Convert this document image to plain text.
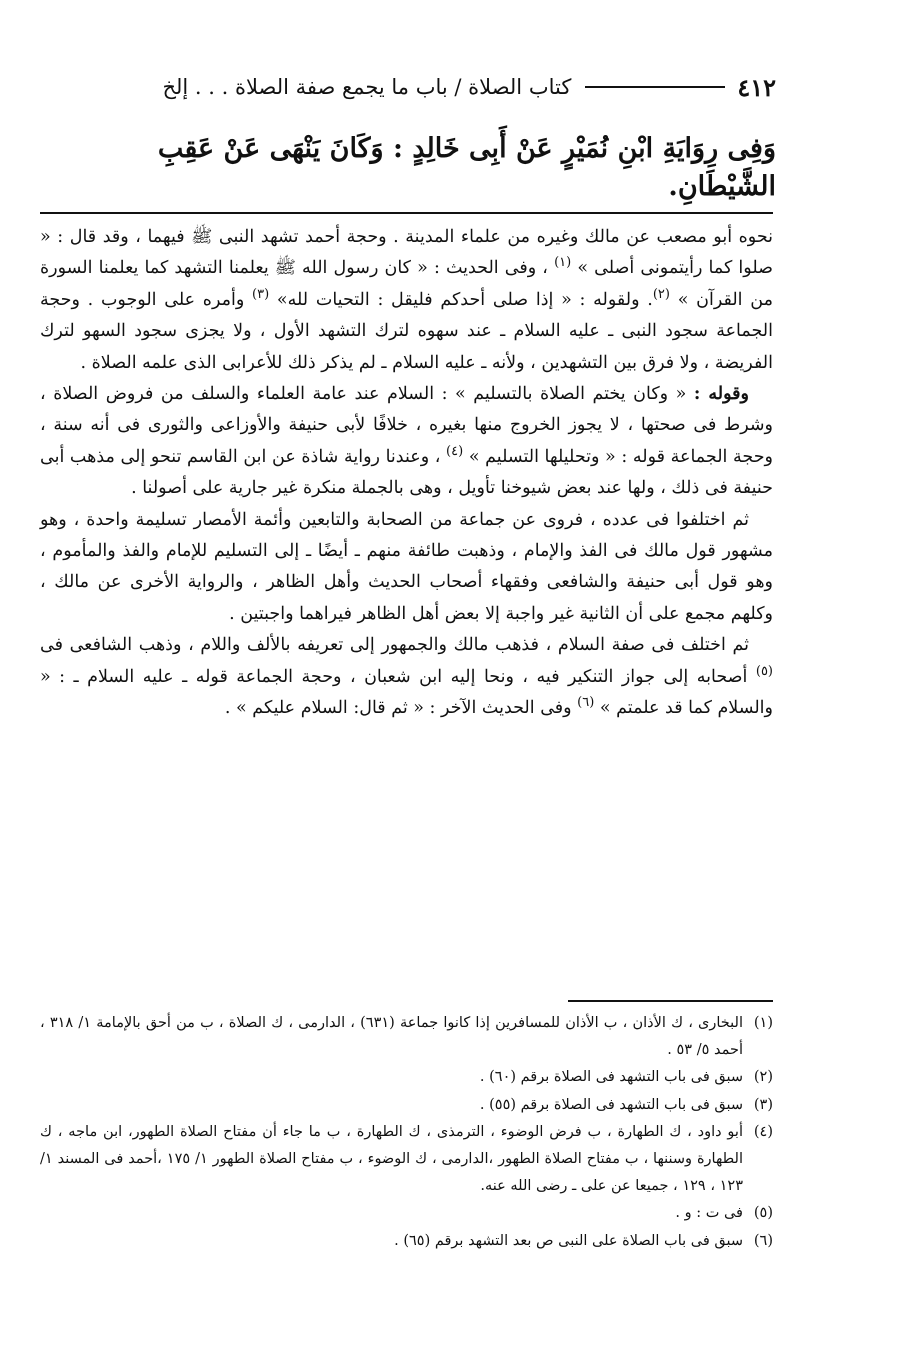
٤١٢
كتاب الصلاة / باب ما يجمع صفة الصلاة . . . إلخ
وَفِى رِوَايَةِ ابْنِ نُمَيْرٍ عَنْ أَبِى خَالِدٍ : وَكَانَ يَنْهَى عَنْ عَقِبِ الشَّيْطَانِ.

نحوه أبو مصعب عن مالك وغيره من علماء المدينة . وحجة أحمد تشهد النبى ﷺ فيهما ، وقد قال : « صلوا كما رأيتمونى أصلى » $^{(١)}$ ، وفى الحديث : « كان رسول الله ﷺ يعلمنا التشهد كما يعلمنا السورة من القرآن » $^{(٢)}$. ولقوله : « إذا صلى أحدكم فليقل : التحيات لله» $^{(٣)}$ وأمره على الوجوب . وحجة الجماعة سجود النبى ـ عليه السلام ـ عند سهوه لترك التشهد الأول ، ولا يجزى سجود السهو لترك الفريضة ، ولا فرق بين التشهدين ، ولأنه ـ عليه السلام ـ لم يذكر ذلك للأعرابى الذى علمه الصلاة .

وقوله : « وكان يختم الصلاة بالتسليم » : السلام عند عامة العلماء والسلف من فروض الصلاة ، وشرط فى صحتها ، لا يجوز الخروج منها بغيره ، خلافًا لأبى حنيفة والأوزاعى والثورى فى أنه سنة ، وحجة الجماعة قوله : « وتحليلها التسليم » $^{(٤)}$ ، وعندنا رواية شاذة عن ابن القاسم تنحو إلى مذهب أبى حنيفة فى ذلك ، ولها عند بعض شيوخنا تأويل ، وهى بالجملة منكرة غير جارية على أصولنا .

ثم اختلفوا فى عدده ، فروى عن جماعة من الصحابة والتابعين وأئمة الأمصار تسليمة واحدة ، وهو مشهور قول مالك فى الفذ والإمام ، وذهبت طائفة منهم ـ أيضًا ـ إلى التسليم للإمام والفذ والمأموم ، وهو قول أبى حنيفة والشافعى وفقهاء أصحاب الحديث وأهل الظاهر ، والرواية الأخرى عن مالك ، وكلهم مجمع على أن الثانية غير واجبة إلا بعض أهل الظاهر فيراهما واجبتين .

ثم اختلف فى صفة السلام ، فذهب مالك والجمهور إلى تعريفه بالألف واللام ، وذهب الشافعى فى $^{(٥)}$ أصحابه إلى جواز التنكير فيه ، ونحا إليه ابن شعبان ، وحجة الجماعة قوله ـ عليه السلام ـ : « والسلام كما قد علمتم » $^{(٦)}$ وفى الحديث الآخر : « ثم قال: السلام عليكم » .

(١)البخارى ، ك الأذان ، ب الأذان للمسافرين إذا كانوا جماعة (٦٣١) ، الدارمى ، ك الصلاة ، ب من أحق بالإمامة ١/ ٣١٨ ، أحمد ٥/ ٥٣ .

(٢)سبق فى باب التشهد فى الصلاة برقم (٦٠) .

(٣)سبق فى باب التشهد فى الصلاة برقم (٥٥) .

(٤)أبو داود ، ك الطهارة ، ب فرض الوضوء ، الترمذى ، ك الطهارة ، ب ما جاء أن مفتاح الصلاة الطهور، ابن ماجه ، ك الطهارة وسننها ، ب مفتاح الصلاة الطهور ،الدارمى ، ك الوضوء ، ب مفتاح الصلاة الطهور ١/ ١٧٥ ،أحمد فى المسند ١/ ١٢٣ ، ١٢٩ ، جميعا عن على ـ رضى الله عنه.

(٥)فى ت : و .

(٦)سبق فى باب الصلاة على النبى ص بعد التشهد برقم (٦٥) .
